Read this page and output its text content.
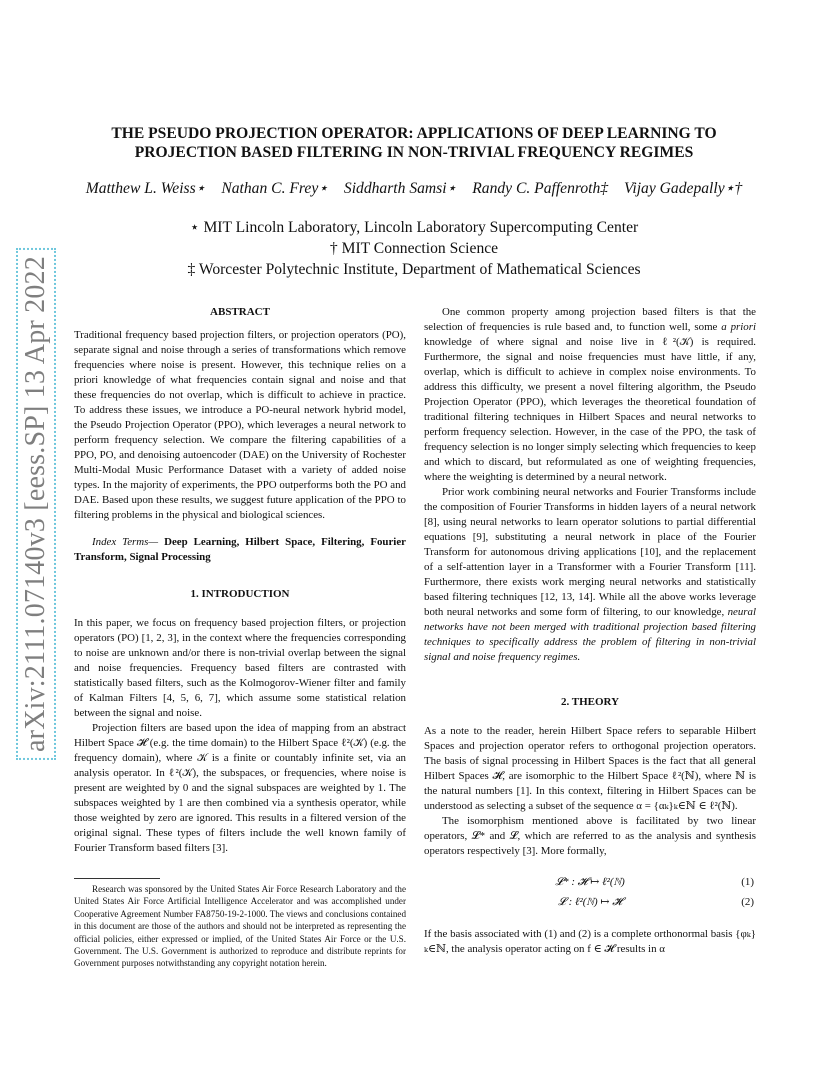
arXiv:2111.07140v3 [eess.SP] 13 Apr 2022
THE PSEUDO PROJECTION OPERATOR: APPLICATIONS OF DEEP LEARNING TO
PROJECTION BASED FILTERING IN NON-TRIVIAL FREQUENCY REGIMES
Matthew L. Weiss⋆ Nathan C. Frey⋆ Siddharth Samsi⋆ Randy C. Paffenroth‡ Vijay Gadepally⋆†
⋆ MIT Lincoln Laboratory, Lincoln Laboratory Supercomputing Center
† MIT Connection Science
‡ Worcester Polytechnic Institute, Department of Mathematical Sciences

ABSTRACT

Traditional frequency based projection filters, or projection operators (PO), separate signal and noise through a series of transformations which remove frequencies where noise is present. However, this technique relies on a priori knowledge of what frequencies contain signal and noise and that these frequencies do not overlap, which is difficult to achieve in practice. To address these issues, we introduce a PO-neural network hybrid model, the Pseudo Projection Operator (PPO), which leverages a neural network to perform frequency selection. We compare the filtering capabilities of a PPO, PO, and denoising autoencoder (DAE) on the University of Rochester Multi-Modal Music Performance Dataset with a variety of added noise types. In the majority of experiments, the PPO outperforms both the PO and DAE. Based upon these results, we suggest future application of the PPO to filtering problems in the physical and biological sciences.

Index Terms— Deep Learning, Hilbert Space, Filtering, Fourier Transform, Signal Processing

1. INTRODUCTION

In this paper, we focus on frequency based projection filters, or projection operators (PO) [1, 2, 3], in the context where the frequencies corresponding to noise are unknown and/or there is non-trivial overlap between the signal and noise frequencies. Frequency based filters are contrasted with statistically based filters, such as the Kolmogorov-Wiener filter and family of Kalman Filters [4, 5, 6, 7], which assume some statistical relation between the signal and noise.

Projection filters are based upon the idea of mapping from an abstract Hilbert Space 𝓗 (e.g. the time domain) to the Hilbert Space ℓ²(𝒦) (e.g. the frequency domain), where 𝒦 is a finite or countably infinite set, via an analysis operator. In ℓ²(𝒦), the subspaces, or frequencies, where noise is present are weighted by 0 and the signal subspaces are weighted by 1. The subspaces weighted by 1 are then combined via a synthesis operator, while those weighted by zero are ignored. This results in a filtered version of the original signal. These types of filters include the well known family of Fourier Transform based filters [3].

Research was sponsored by the United States Air Force Research Laboratory and the United States Air Force Artificial Intelligence Accelerator and was accomplished under Cooperative Agreement Number FA8750-19-2-1000. The views and conclusions contained in this document are those of the authors and should not be interpreted as representing the official policies, either expressed or implied, of the United States Air Force or the U.S. Government. The U.S. Government is authorized to reproduce and distribute reprints for Government purposes notwithstanding any copyright notation herein.

One common property among projection based filters is that the selection of frequencies is rule based and, to function well, some a priori knowledge of where signal and noise live in ℓ²(𝒦) is required. Furthermore, the signal and noise frequencies must have little, if any, overlap, which is difficult to achieve in complex noise environments. To address this difficulty, we present a novel filtering algorithm, the Pseudo Projection Operator (PPO), which leverages the theoretical foundation of traditional filtering techniques in Hilbert Spaces and neural networks to perform frequency selection. However, in the case of the PPO, the task of frequency selection is no longer simply selecting which frequencies to keep and which to discard, but reformulated as one of weighting frequencies, where the weighting is determined by a neural network.

Prior work combining neural networks and Fourier Transforms include the composition of Fourier Transforms in hidden layers of a neural network [8], using neural networks to learn operator solutions to partial differential equations [9], substituting a neural network in place of the Fourier Transform for autonomous driving applications [10], and the replacement of a self-attention layer in a Transformer with a Fourier Transform [11]. Furthermore, there exists work merging neural networks and statistically based filtering techniques [12, 13, 14]. While all the above works leverage both neural networks and some form of filtering, to our knowledge, neural networks have not been merged with traditional projection based filtering techniques to specifically address the problem of filtering in non-trivial signal and noise frequency regimes.

2. THEORY

As a note to the reader, herein Hilbert Space refers to separable Hilbert Spaces and projection operator refers to orthogonal projection operators. The basis of signal processing in Hilbert Spaces is the fact that all general Hilbert Spaces 𝓗, are isomorphic to the Hilbert Space ℓ²(ℕ), where ℕ is the natural numbers [1]. In this context, filtering in Hilbert Spaces can be understood as selecting a subset of the sequence α = {αₖ}ₖ∈ℕ ∈ ℓ²(ℕ).

The isomorphism mentioned above is facilitated by two linear operators, 𝓛* and 𝓛, which are referred to as the analysis and synthesis operators respectively [3]. More formally,

𝓛* : 𝓗 ↦ ℓ²(ℕ)	(1)
𝓛 : ℓ²(ℕ) ↦ 𝓗	(2)

If the basis associated with (1) and (2) is a complete orthonormal basis {φₖ}ₖ∈ℕ, the analysis operator acting on f ∈ 𝓗 results in α
